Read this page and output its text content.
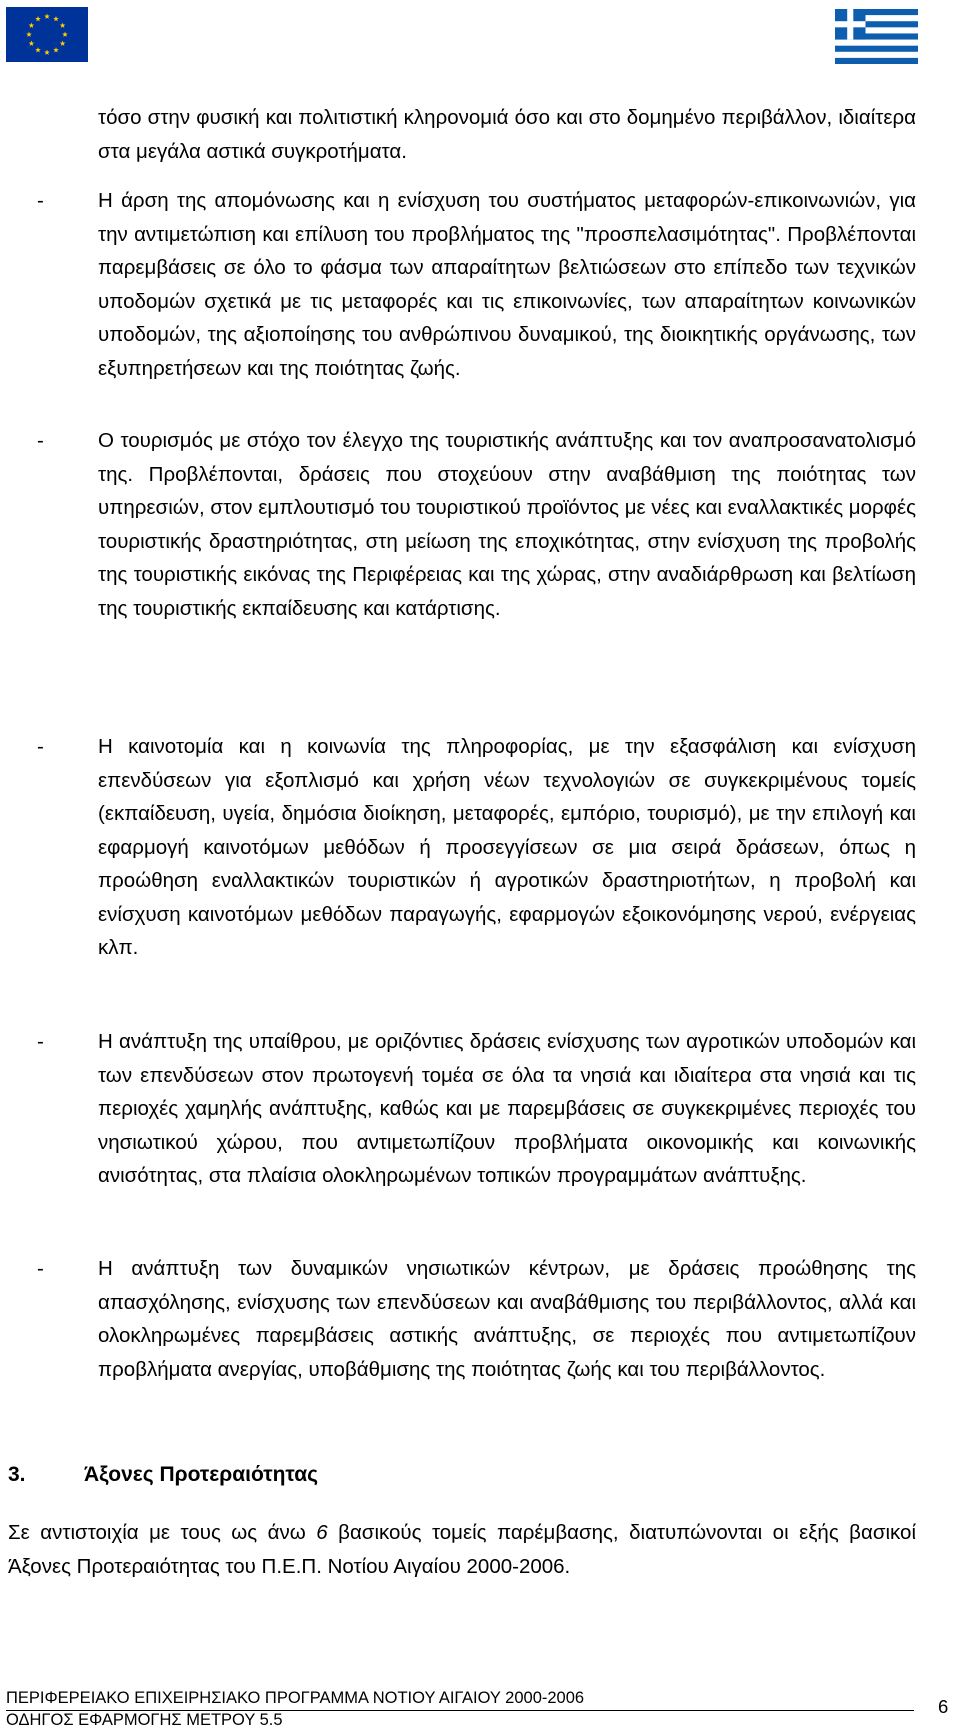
τόσο στην φυσική και πολιτιστική κληρονομιά όσο και στο δομημένο περιβάλλον, ιδιαίτερα στα μεγάλα αστικά συγκροτήματα.

-	Η άρση της απομόνωσης και η ενίσχυση του συστήματος μεταφορών-επικοινωνιών, για την αντιμετώπιση και επίλυση του προβλήματος της "προσπελασιμότητας". Προβλέπονται παρεμβάσεις σε όλο το φάσμα των απαραίτητων βελτιώσεων στο επίπεδο των τεχνικών υποδομών σχετικά με τις μεταφορές και τις επικοινωνίες, των απαραίτητων κοινωνικών υποδομών, της αξιοποίησης του ανθρώπινου δυναμικού, της διοικητικής οργάνωσης, των εξυπηρετήσεων και της ποιότητας ζωής.

-	Ο τουρισμός με στόχο τον έλεγχο της τουριστικής ανάπτυξης και τον αναπροσανατολισμό της. Προβλέπονται, δράσεις που στοχεύουν στην αναβάθμιση της ποιότητας των υπηρεσιών, στον εμπλουτισμό του τουριστικού προϊόντος με νέες και εναλλακτικές μορφές τουριστικής δραστηριότητας, στη μείωση της εποχικότητας, στην ενίσχυση της προβολής της τουριστικής εικόνας της Περιφέρειας και της χώρας, στην αναδιάρθρωση και βελτίωση της τουριστικής εκπαίδευσης και κατάρτισης.

-	Η καινοτομία και η κοινωνία της πληροφορίας, με την εξασφάλιση και ενίσχυση επενδύσεων για εξοπλισμό και χρήση νέων τεχνολογιών σε συγκεκριμένους τομείς (εκπαίδευση, υγεία, δημόσια διοίκηση, μεταφορές, εμπόριο, τουρισμό), με την επιλογή και εφαρμογή καινοτόμων μεθόδων ή προσεγγίσεων σε μια σειρά δράσεων, όπως η προώθηση εναλλακτικών τουριστικών ή αγροτικών δραστηριοτήτων, η προβολή και ενίσχυση καινοτόμων μεθόδων παραγωγής, εφαρμογών εξοικονόμησης νερού, ενέργειας κλπ.

-	Η ανάπτυξη της υπαίθρου, με οριζόντιες δράσεις ενίσχυσης των αγροτικών υποδομών και των επενδύσεων στον πρωτογενή τομέα σε όλα τα νησιά και ιδιαίτερα στα νησιά και τις περιοχές χαμηλής ανάπτυξης, καθώς και με παρεμβάσεις σε συγκεκριμένες περιοχές του νησιωτικού χώρου, που αντιμετωπίζουν προβλήματα οικονομικής και κοινωνικής ανισότητας, στα πλαίσια ολοκληρωμένων τοπικών προγραμμάτων ανάπτυξης.

-	Η ανάπτυξη των δυναμικών νησιωτικών κέντρων, με δράσεις προώθησης της απασχόλησης, ενίσχυσης των επενδύσεων και αναβάθμισης του περιβάλλοντος, αλλά και ολοκληρωμένες παρεμβάσεις αστικής ανάπτυξης, σε περιοχές που αντιμετωπίζουν προβλήματα ανεργίας, υποβάθμισης της ποιότητας ζωής και του περιβάλλοντος.

3.	Άξονες Προτεραιότητας

Σε αντιστοιχία με τους ως άνω 6 βασικούς τομείς παρέμβασης, διατυπώνονται οι εξής βασικοί Άξονες Προτεραιότητας του Π.Ε.Π. Νοτίου Αιγαίου 2000-2006.

ΠΕΡΙΦΕΡΕΙΑΚΟ ΕΠΙΧΕΙΡΗΣΙΑΚΟ ΠΡΟΓΡΑΜΜΑ ΝΟΤΙΟΥ ΑΙΓΑΙΟΥ 2000-2006
ΟΔΗΓΟΣ ΕΦΑΡΜΟΓΗΣ ΜΕΤΡΟΥ 5.5
6
